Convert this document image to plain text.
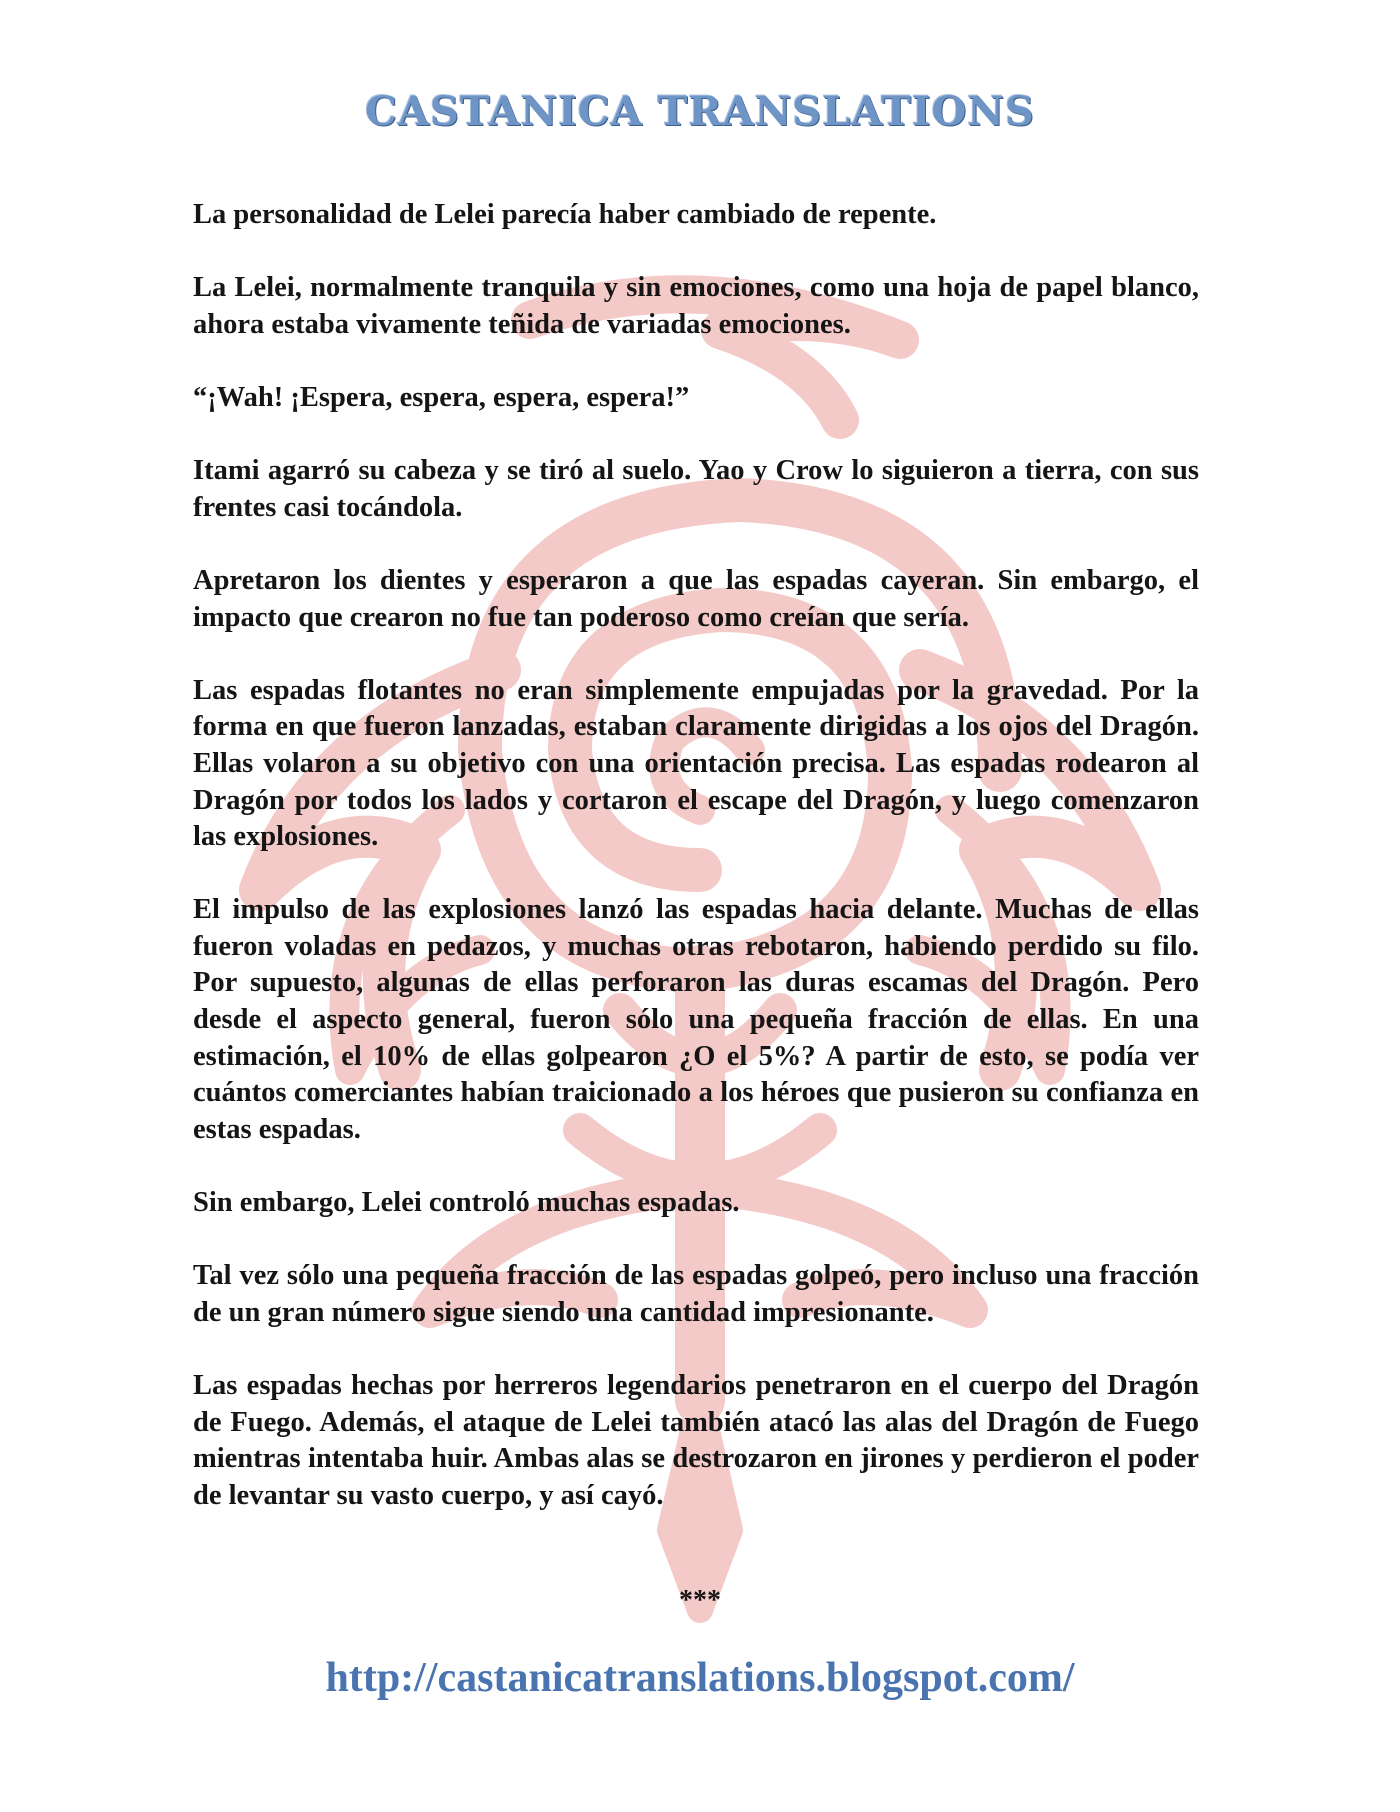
CASTANICA TRANSLATIONS

La personalidad de Lelei parecía haber cambiado de repente.

La Lelei, normalmente tranquila y sin emociones, como una hoja de papel blanco, ahora estaba vivamente teñida de variadas emociones.

“¡Wah! ¡Espera, espera, espera, espera!”

Itami agarró su cabeza y se tiró al suelo. Yao y Crow lo siguieron a tierra, con sus frentes casi tocándola.

Apretaron los dientes y esperaron a que las espadas cayeran. Sin embargo, el impacto que crearon no fue tan poderoso como creían que sería.

Las espadas flotantes no eran simplemente empujadas por la gravedad. Por la forma en que fueron lanzadas, estaban claramente dirigidas a los ojos del Dragón. Ellas volaron a su objetivo con una orientación precisa. Las espadas rodearon al Dragón por todos los lados y cortaron el escape del Dragón, y luego comenzaron las explosiones.

El impulso de las explosiones lanzó las espadas hacia delante. Muchas de ellas fueron voladas en pedazos, y muchas otras rebotaron, habiendo perdido su filo. Por supuesto, algunas de ellas perforaron las duras escamas del Dragón. Pero desde el aspecto general, fueron sólo una pequeña fracción de ellas. En una estimación, el 10% de ellas golpearon ¿O el 5%? A partir de esto, se podía ver cuántos comerciantes habían traicionado a los héroes que pusieron su confianza en estas espadas.

Sin embargo, Lelei controló muchas espadas.

Tal vez sólo una pequeña fracción de las espadas golpeó, pero incluso una fracción de un gran número sigue siendo una cantidad impresionante.

Las espadas hechas por herreros legendarios penetraron en el cuerpo del Dragón de Fuego. Además, el ataque de Lelei también atacó las alas del Dragón de Fuego mientras intentaba huir. Ambas alas se destrozaron en jirones y perdieron el poder de levantar su vasto cuerpo, y así cayó.

***
http://castanicatranslations.blogspot.com/
